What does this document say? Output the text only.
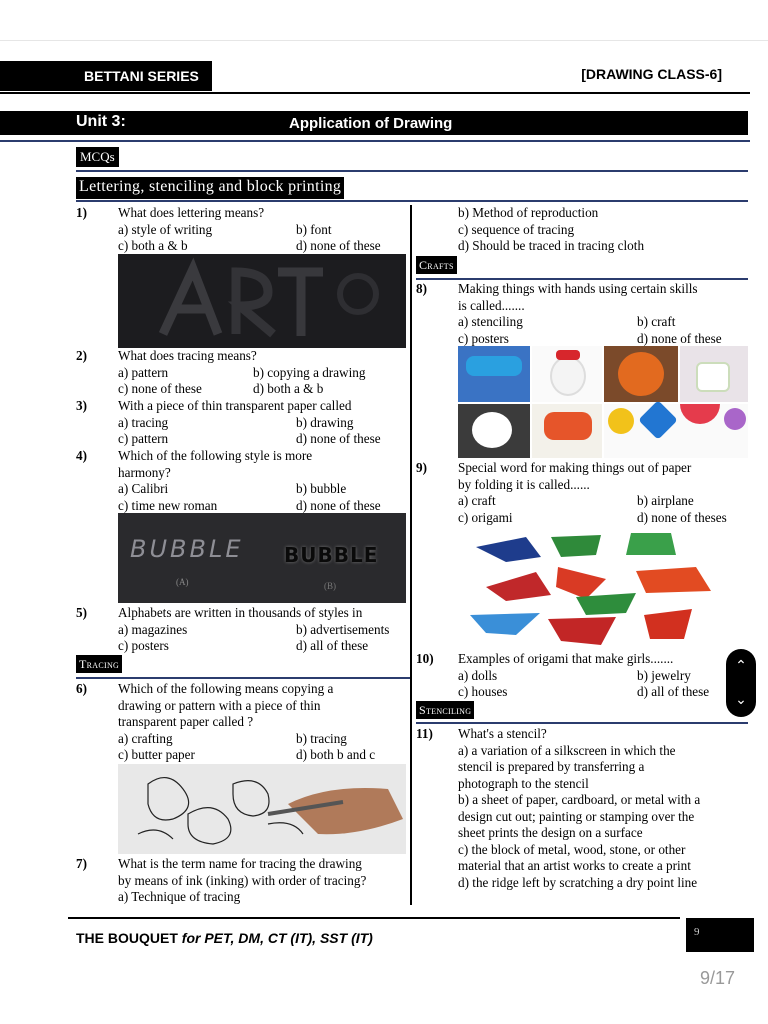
BETTANI SERIES	[DRAWING CLASS-6]
Unit 3:	Application of Drawing
MCQs
Lettering, stenciling and block printing
1) What does lettering means?
a) style of writing	b) font
c) both a & b	d) none of these
2) What does tracing means?
a) pattern	b) copying a drawing
c) none of these	d) both a & b
3) With a piece of thin transparent paper called
a) tracing	b) drawing
c) pattern	d) none of these
4) Which of the following style is more
harmony?
a) Calibri	b) bubble
c) time new roman	d) none of these
BUBBLE BUBBLE
(A)	(B)
5) Alphabets are written in thousands of styles in
a) magazines	b) advertisements
c) posters	d) all of these
Tracing
6) Which of the following means copying a
drawing or pattern with a piece of thin
transparent paper called ?
a) crafting	b) tracing
c) butter paper	d) both b and c
7) What is the term name for tracing the drawing
by means of ink (inking) with order of tracing?
a) Technique of tracing
b) Method of reproduction
c) sequence of tracing
d) Should be traced in tracing cloth
Crafts
8) Making things with hands using certain skills
is called.......
a) stenciling	b) craft
c) posters	d) none of these
9) Special word for making things out of paper
by folding it is called......
a) craft	b) airplane
c) origami	d) none of theses
10) Examples of origami that make girls.......
a) dolls	b) jewelry
c) houses	d) all of these
Stenciling
11) What's a stencil?
a) a variation of a silkscreen in which the
stencil is prepared by transferring a
photograph to the stencil
b) a sheet of paper, cardboard, or metal with a
design cut out; painting or stamping over the
sheet prints the design on a surface
c) the block of metal, wood, stone, or other
material that an artist works to create a print
d) the ridge left by scratching a dry point line
⌃
⌄
THE BOUQUET for PET, DM, CT (IT), SST (IT)	9
9/17
